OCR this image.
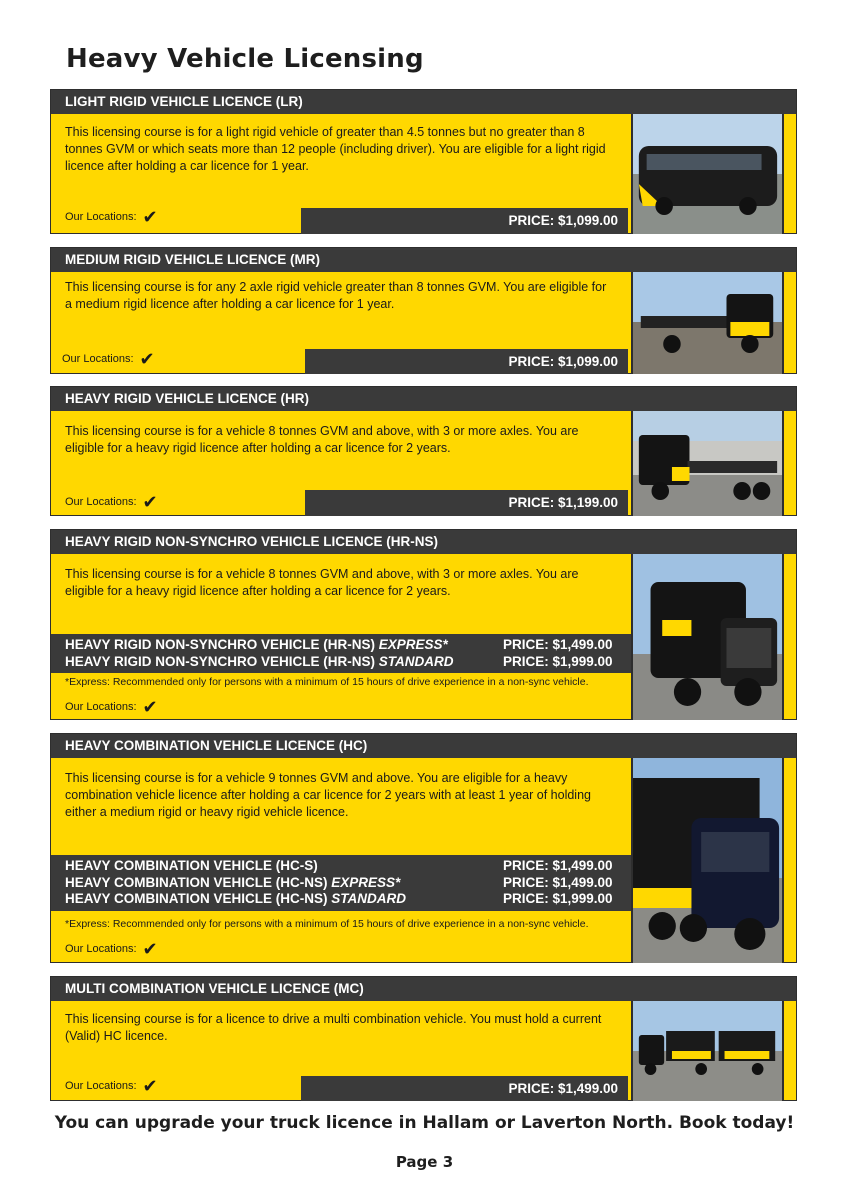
Heavy Vehicle Licensing
LIGHT RIGID VEHICLE LICENCE (LR)
This licensing course is for a light rigid vehicle of greater than 4.5 tonnes but no greater than 8 tonnes GVM or which seats more than 12 people (including driver). You are eligible for a light rigid licence after holding a car licence for 1 year.
Our Locations: ✔	PRICE: $1,099.00
MEDIUM RIGID VEHICLE LICENCE (MR)
This licensing course is for any 2 axle rigid vehicle greater than 8 tonnes GVM. You are eligible for a medium rigid licence after holding a car licence for 1 year.
Our Locations: ✔	PRICE: $1,099.00
HEAVY RIGID VEHICLE LICENCE (HR)
This licensing course is for a vehicle 8 tonnes GVM and above, with 3 or more axles. You are eligible for a heavy rigid licence after holding a car licence for 2 years.
Our Locations: ✔	PRICE: $1,199.00
HEAVY RIGID NON-SYNCHRO VEHICLE LICENCE (HR-NS)
This licensing course is for a vehicle 8 tonnes GVM and above, with 3 or more axles. You are eligible for a heavy rigid licence after holding a car licence for 2 years.
HEAVY RIGID NON-SYNCHRO VEHICLE (HR-NS) EXPRESS*	PRICE: $1,499.00
HEAVY RIGID NON-SYNCHRO VEHICLE (HR-NS) STANDARD	PRICE: $1,999.00
*Express: Recommended only for persons with a minimum of 15 hours of drive experience in a non-sync vehicle.
Our Locations: ✔
HEAVY COMBINATION VEHICLE LICENCE (HC)
This licensing course is for a vehicle 9 tonnes GVM and above. You are eligible for a heavy combination vehicle licence after holding a car licence for 2 years with at least 1 year of holding either a medium rigid or heavy rigid vehicle licence.
HEAVY COMBINATION VEHICLE (HC-S)	PRICE: $1,499.00
HEAVY COMBINATION VEHICLE (HC-NS) EXPRESS*	PRICE: $1,499.00
HEAVY COMBINATION VEHICLE (HC-NS) STANDARD	PRICE: $1,999.00
*Express: Recommended only for persons with a minimum of 15 hours of drive experience in a non-sync vehicle.
Our Locations: ✔
MULTI COMBINATION VEHICLE LICENCE (MC)
This licensing course is for a licence to drive a multi combination vehicle. You must hold a current (Valid) HC licence.
Our Locations: ✔	PRICE: $1,499.00
You can upgrade your truck licence in Hallam or Laverton North. Book today!
Page 3
